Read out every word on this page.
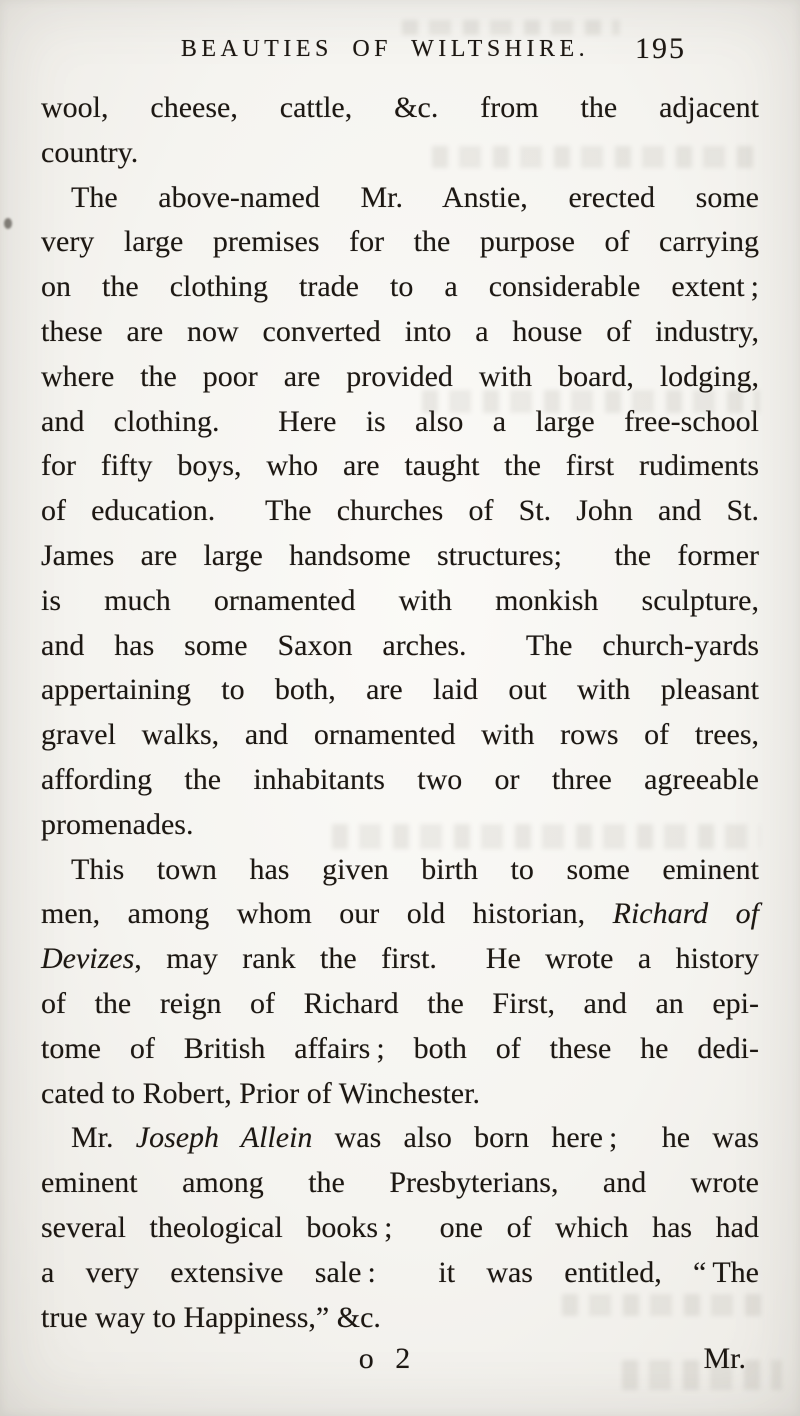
BEAUTIES OF WILTSHIRE. 195
wool, cheese, cattle, &c. from the adjacent
country.
The above-named Mr. Anstie, erected some
very large premises for the purpose of carrying
on the clothing trade to a considerable extent ;
these are now converted into a house of industry,
where the poor are provided with board, lodging,
and clothing.  Here is also a large free-school
for fifty boys, who are taught the first rudiments
of education.  The churches of St. John and St.
James are large handsome structures;  the former
is much ornamented with monkish sculpture,
and has some Saxon arches.  The church-yards
appertaining to both, are laid out with pleasant
gravel walks, and ornamented with rows of trees,
affording the inhabitants two or three agreeable
promenades.
This town has given birth to some eminent
men, among whom our old historian, Richard of
Devizes, may rank the first.  He wrote a history
of the reign of Richard the First, and an epi-
tome of British affairs ; both of these he dedi-
cated to Robert, Prior of Winchester.
Mr. Joseph Allein was also born here ;  he was
eminent among the Presbyterians, and wrote
several theological books ;  one of which has had
a very extensive sale :  it was entitled, “ The
true way to Happiness,” &c.
o 2	Mr.
